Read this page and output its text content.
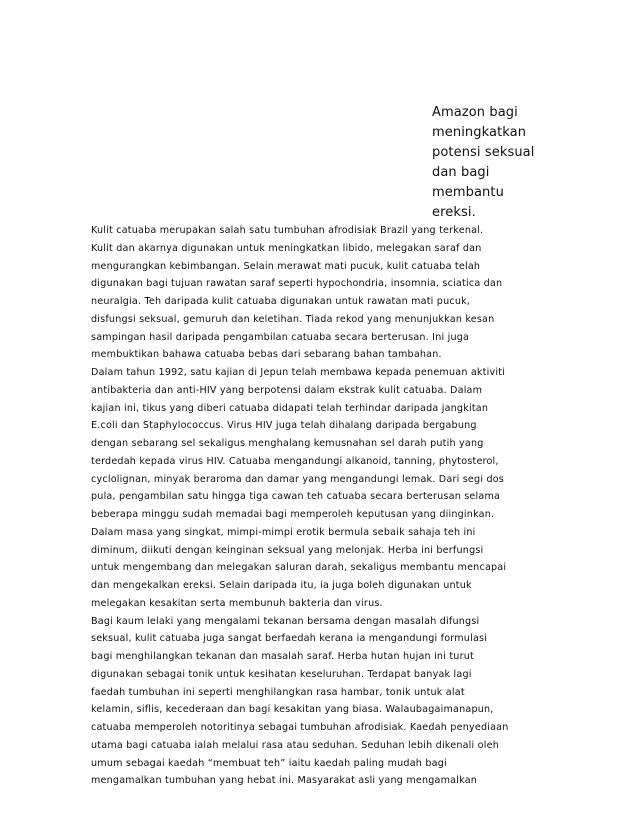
Amazon bagi
meningkatkan
potensi seksual
dan bagi
membantu
ereksi.
Kulit catuaba merupakan salah satu tumbuhan afrodisiak Brazil yang terkenal.
Kulit dan akarnya digunakan untuk meningkatkan libido, melegakan saraf dan
mengurangkan kebimbangan. Selain merawat mati pucuk, kulit catuaba telah
digunakan bagi tujuan rawatan saraf seperti hypochondria, insomnia, sciatica dan
neuralgia. Teh daripada kulit catuaba digunakan untuk rawatan mati pucuk,
disfungsi seksual, gemuruh dan keletihan. Tiada rekod yang menunjukkan kesan
sampingan hasil daripada pengambilan catuaba secara berterusan. Ini juga
membuktikan bahawa catuaba bebas dari sebarang bahan tambahan.
Dalam tahun 1992, satu kajian di Jepun telah membawa kepada penemuan aktiviti
antibakteria dan anti-HIV yang berpotensi dalam ekstrak kulit catuaba. Dalam
kajian ini, tikus yang diberi catuaba didapati telah terhindar daripada jangkitan
E.coli dan Staphylococcus. Virus HIV juga telah dihalang daripada bergabung
dengan sebarang sel sekaligus menghalang kemusnahan sel darah putih yang
terdedah kepada virus HIV. Catuaba mengandungi alkanoid, tanning, phytosterol,
cyclolignan, minyak beraroma dan damar yang mengandungi lemak. Dari segi dos
pula, pengambilan satu hingga tiga cawan teh catuaba secara berterusan selama
beberapa minggu sudah memadai bagi memperoleh keputusan yang diinginkan.
Dalam masa yang singkat, mimpi-mimpi erotik bermula sebaik sahaja teh ini
diminum, diikuti dengan keinginan seksual yang melonjak. Herba ini berfungsi
untuk mengembang dan melegakan saluran darah, sekaligus membantu mencapai
dan mengekalkan ereksi. Selain daripada itu, ia juga boleh digunakan untuk
melegakan kesakitan serta membunuh bakteria dan virus.
Bagi kaum lelaki yang mengalami tekanan bersama dengan masalah difungsi
seksual, kulit catuaba juga sangat berfaedah kerana ia mengandungi formulasi
bagi menghilangkan tekanan dan masalah saraf. Herba hutan hujan ini turut
digunakan sebagai tonik untuk kesihatan keseluruhan. Terdapat banyak lagi
faedah tumbuhan ini seperti menghilangkan rasa hambar, tonik untuk alat
kelamin, siflis, kecederaan dan bagi kesakitan yang biasa. Walaubagaimanapun,
catuaba memperoleh notoritinya sebagai tumbuhan afrodisiak. Kaedah penyediaan
utama bagi catuaba ialah melalui rasa atau seduhan. Seduhan lebih dikenali oleh
umum sebagai kaedah “membuat teh” iaitu kaedah paling mudah bagi
mengamalkan tumbuhan yang hebat ini. Masyarakat asli yang mengamalkan
